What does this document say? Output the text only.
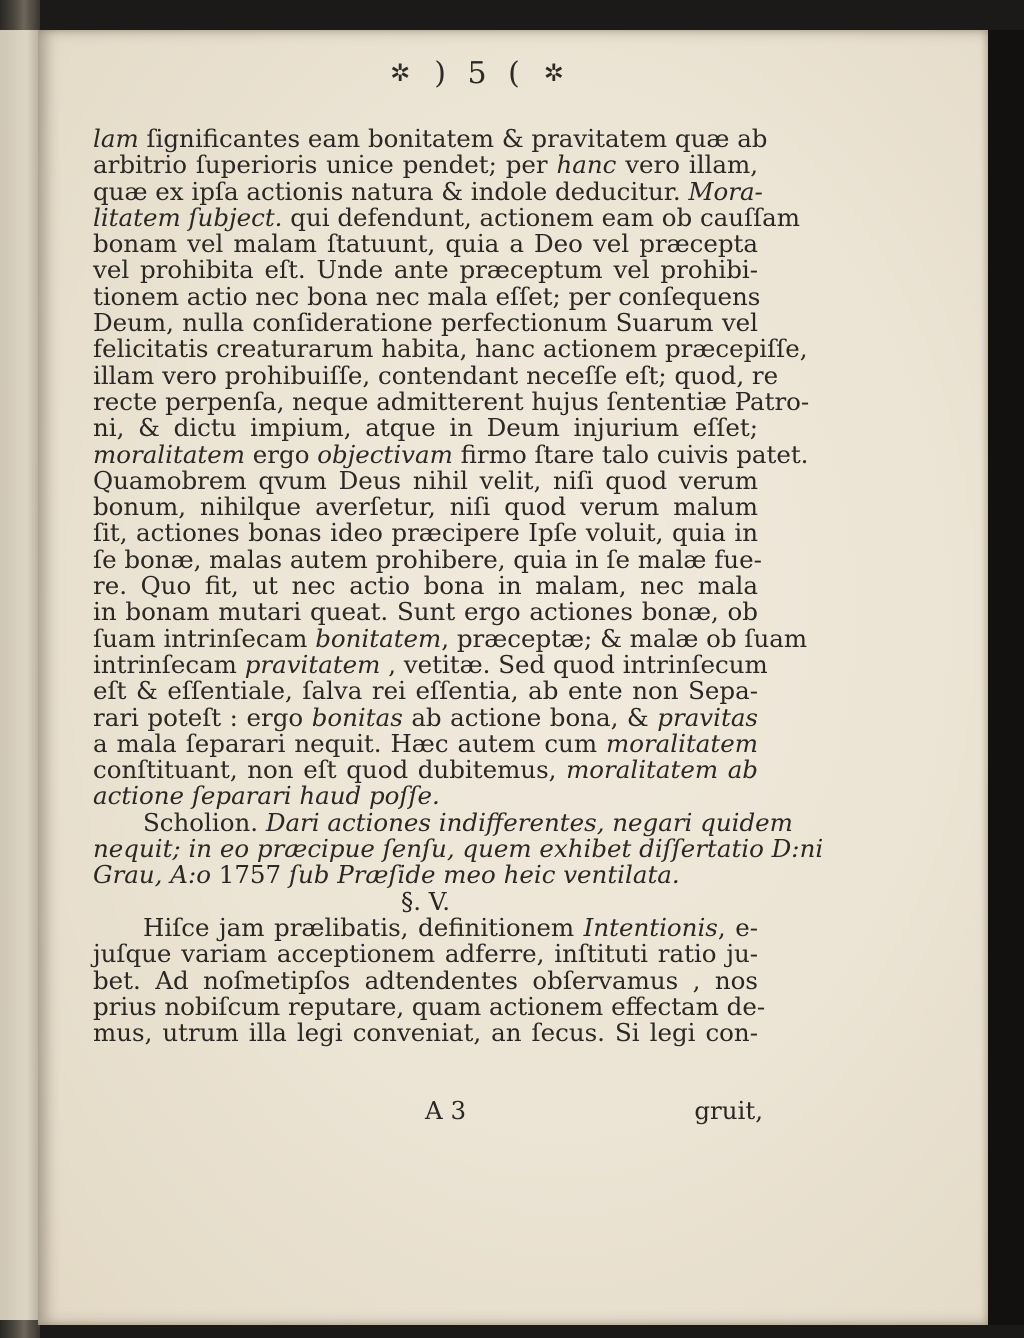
✲ ) 5 ( ✲
lam ſignificantes eam bonitatem & pravitatem quæ ab
arbitrio ſuperioris unice pendet; per hanc vero illam,
quæ ex ipſa actionis natura & indole deducitur. Mora-
litatem ſubject. qui defendunt, actionem eam ob cauſſam
bonam vel malam ſtatuunt, quia a Deo vel præcepta
vel prohibita eſt. Unde ante præceptum vel prohibi-
tionem actio nec bona nec mala eſſet; per conſequens
Deum, nulla conſideratione perfectionum Suarum vel
felicitatis creaturarum habita, hanc actionem præcepiſſe,
illam vero prohibuiſſe, contendant neceſſe eſt; quod, re
recte perpenſa, neque admitterent hujus ſententiæ Patro-
ni, & dictu impium, atque in Deum injurium eſſet;
moralitatem ergo objectivam firmo ſtare talo cuivis patet.
Quamobrem qvum Deus nihil velit, niſi quod verum
bonum, nihilque averſetur, niſi quod verum malum
ſit, actiones bonas ideo præcipere Ipſe voluit, quia in
ſe bonæ, malas autem prohibere, quia in ſe malæ fue-
re. Quo fit, ut nec actio bona in malam, nec mala
in bonam mutari queat. Sunt ergo actiones bonæ, ob
ſuam intrinſecam bonitatem, præceptæ; & malæ ob ſuam
intrinſecam pravitatem , vetitæ. Sed quod intrinſecum
eſt & eſſentiale, ſalva rei eſſentia, ab ente non Sepa-
rari poteſt : ergo bonitas ab actione bona, & pravitas
a mala ſeparari nequit. Hæc autem cum moralitatem
conſtituant, non eſt quod dubitemus, moralitatem ab
actione ſeparari haud poſſe.
Scholion. Dari actiones indifferentes, negari quidem
nequit; in eo præcipue ſenſu, quem exhibet diſſertatio D:ni
Grau, A:o 1757 ſub Præſide meo heic ventilata.
§. V.
Hiſce jam prælibatis, definitionem Intentionis, e-
juſque variam acceptionem adferre, inſtituti ratio ju-
bet. Ad noſmetipſos adtendentes obſervamus , nos
prius nobiſcum reputare, quam actionem effectam de-
mus, utrum illa legi conveniat, an ſecus. Si legi con-
A 3	gruit,
